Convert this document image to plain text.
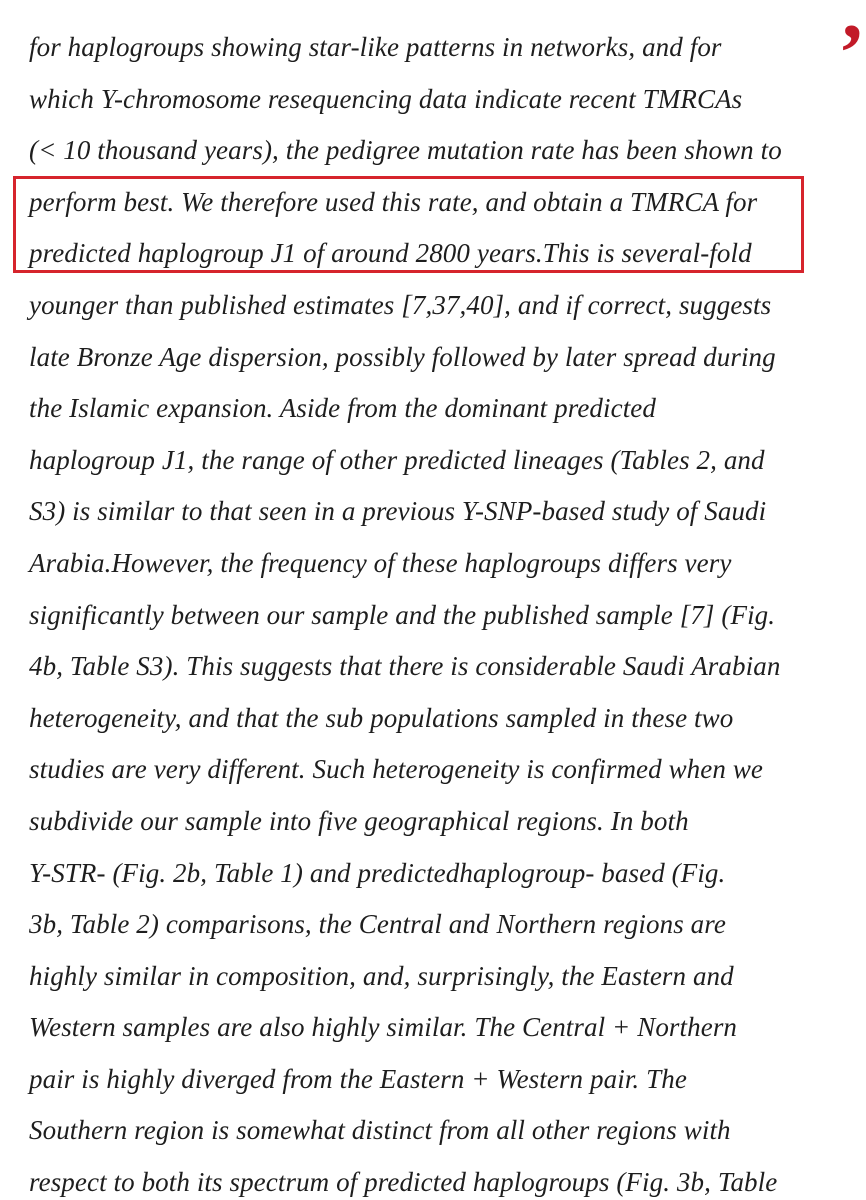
for haplogroups showing star-like patterns in networks, and for
which Y-chromosome resequencing data indicate recent TMRCAs
(< 10 thousand years), the pedigree mutation rate has been shown to
perform best. We therefore used this rate, and obtain a TMRCA for
predicted haplogroup J1 of around 2800 years.This is several-fold
younger than published estimates [7,37,40], and if correct, suggests
late Bronze Age dispersion, possibly followed by later spread during
the Islamic expansion. Aside from the dominant predicted
haplogroup J1, the range of other predicted lineages (Tables 2, and
S3) is similar to that seen in a previous Y-SNP-based study of Saudi
Arabia.However, the frequency of these haplogroups differs very
significantly between our sample and the published sample [7] (Fig.
4b, Table S3). This suggests that there is considerable Saudi Arabian
heterogeneity, and that the sub populations sampled in these two
studies are very different. Such heterogeneity is confirmed when we
subdivide our sample into five geographical regions. In both
Y-STR- (Fig. 2b, Table 1) and predictedhaplogroup- based (Fig.
3b, Table 2) comparisons, the Central and Northern regions are
highly similar in composition, and, surprisingly, the Eastern and
Western samples are also highly similar. The Central + Northern
pair is highly diverged from the Eastern + Western pair. The
Southern region is somewhat distinct from all other regions with
respect to both its spectrum of predicted haplogroups (Fig. 3b, Table
’
